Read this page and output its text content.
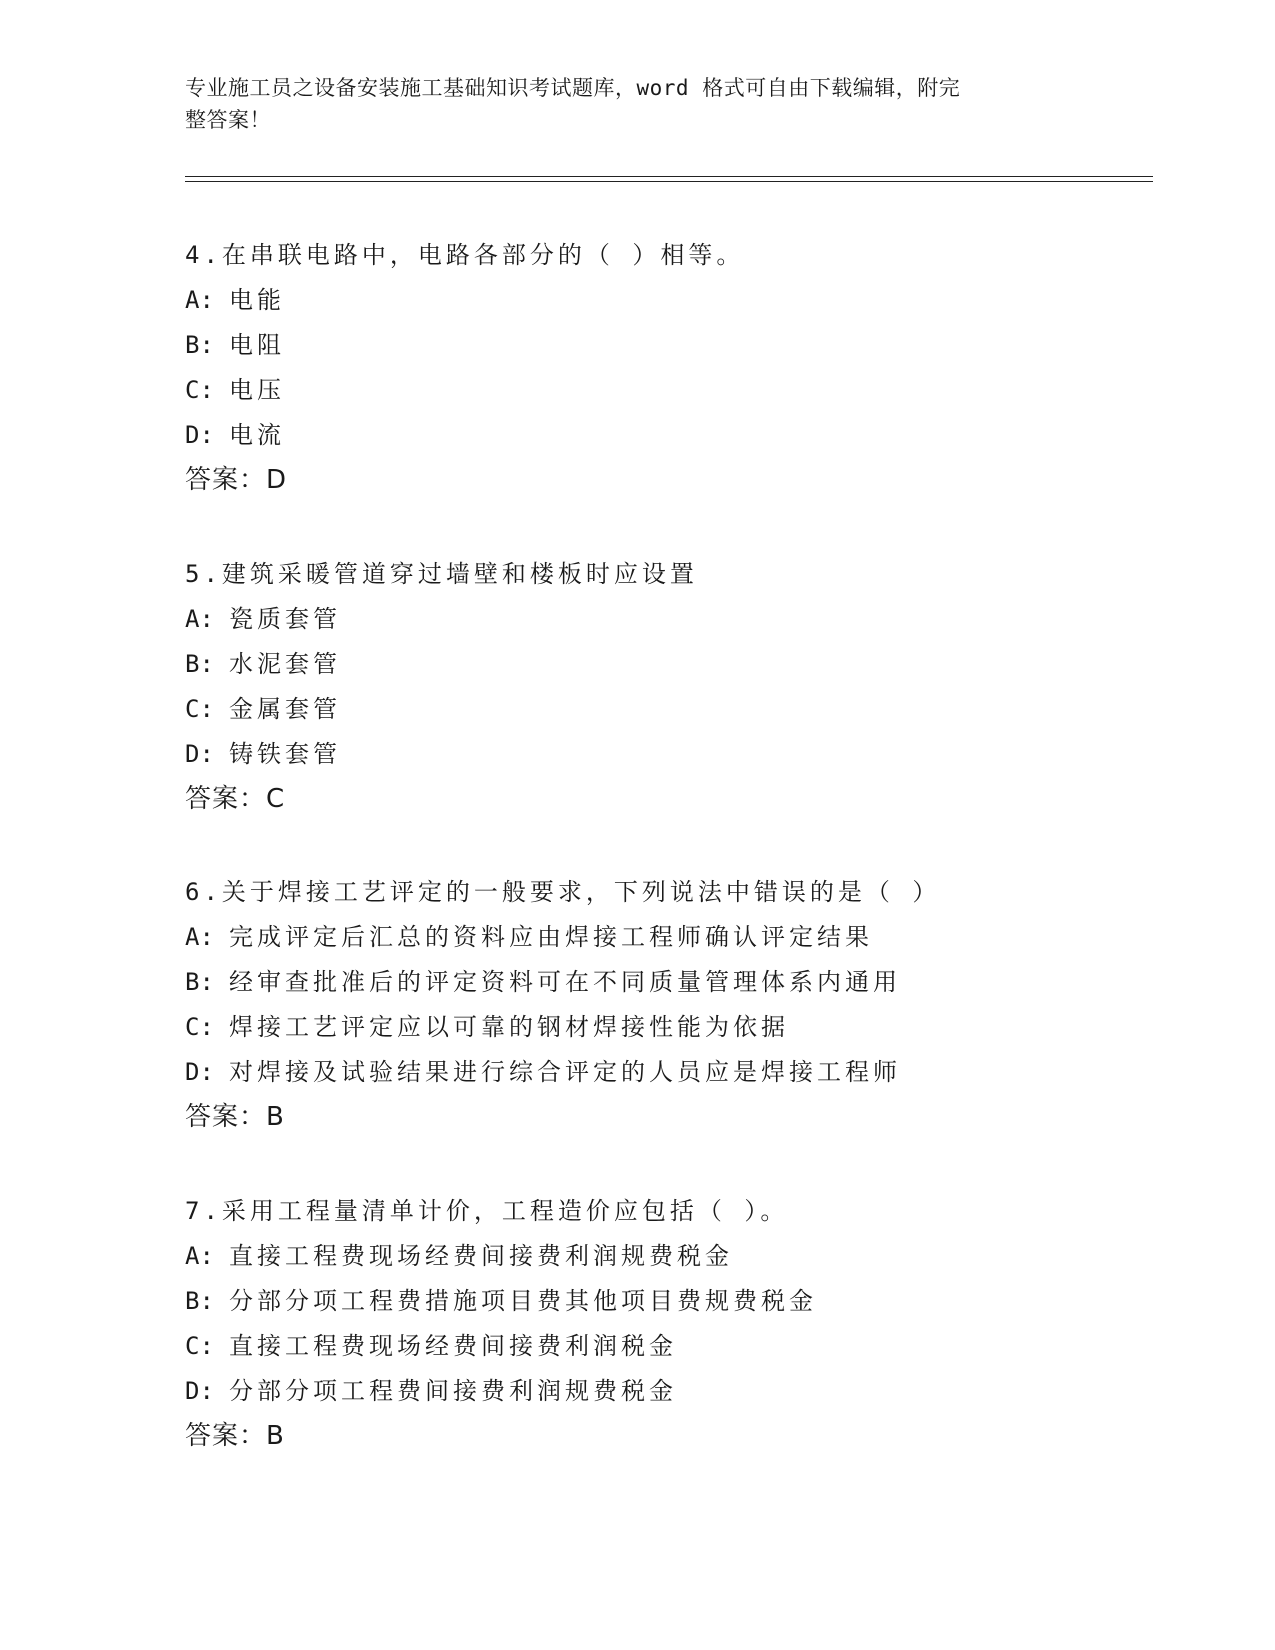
专业施工员之设备安装施工基础知识考试题库，word 格式可自由下载编辑，附完
整答案！
4.在串联电路中，电路各部分的（ ）相等。
A: 电能
B: 电阻
C: 电压
D: 电流
答案：D
5.建筑采暖管道穿过墙壁和楼板时应设置
A: 瓷质套管
B: 水泥套管
C: 金属套管
D: 铸铁套管
答案：C
6.关于焊接工艺评定的一般要求，下列说法中错误的是（ ）
A: 完成评定后汇总的资料应由焊接工程师确认评定结果
B: 经审查批准后的评定资料可在不同质量管理体系内通用
C: 焊接工艺评定应以可靠的钢材焊接性能为依据
D: 对焊接及试验结果进行综合评定的人员应是焊接工程师
答案：B
7.采用工程量清单计价，工程造价应包括（ ）。
A: 直接工程费现场经费间接费利润规费税金
B: 分部分项工程费措施项目费其他项目费规费税金
C: 直接工程费现场经费间接费利润税金
D: 分部分项工程费间接费利润规费税金
答案：B
